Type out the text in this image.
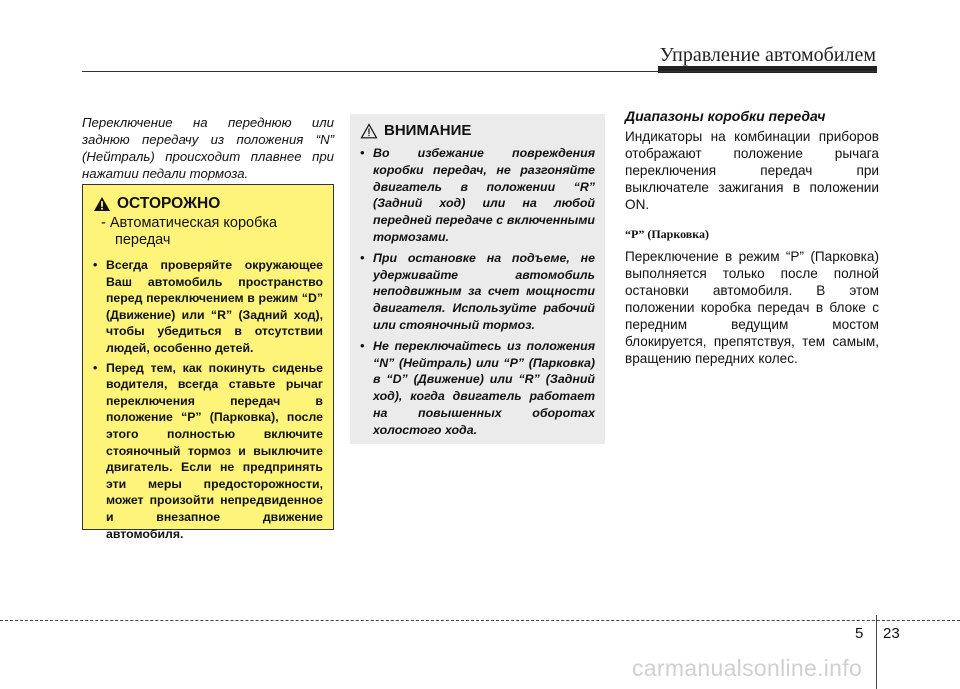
Управление автомобилем
Переключение на переднюю или заднюю передачу из положения “N” (Нейтраль) происходит плавнее при нажатии педали тормоза.
ОСТОРОЖНО
- Автоматическая коробка передач
• Всегда проверяйте окружающее Ваш автомобиль пространство перед переключением в режим “D” (Движение) или “R” (Задний ход), чтобы убедиться в отсутствии людей, особенно детей.
• Перед тем, как покинуть сиденье водителя, всегда ставьте рычаг переключения передач в положение “P” (Парковка), после этого полностью включите стояночный тормоз и выключите двигатель. Если не предпринять эти меры предосторожности, может произойти непредвиденное и внезапное движение автомобиля.
ВНИМАНИЕ
• Во избежание повреждения коробки передач, не разгоняйте двигатель в положении “R” (Задний ход) или на любой передней передаче с включенными тормозами.
• При остановке на подъеме, не удерживайте автомобиль неподвижным за счет мощности двигателя. Используйте рабочий или стояночный тормоз.
• Не переключайтесь из положения “N” (Нейтраль) или “P” (Парковка) в “D” (Движение) или “R” (Задний ход), когда двигатель работает на повышенных оборотах холостого хода.
Диапазоны коробки передач

Индикаторы на комбинации приборов отображают положение рычага переключения передач при выключателе зажигания в положении ON.

“P” (Парковка)

Переключение в режим “P” (Парковка) выполняется только после полной остановки автомобиля. В этом положении коробка передач в блоке с передним ведущим мостом блокируется, препятствуя, тем самым, вращению передних колес.

5 23
carmanualsonline.info
